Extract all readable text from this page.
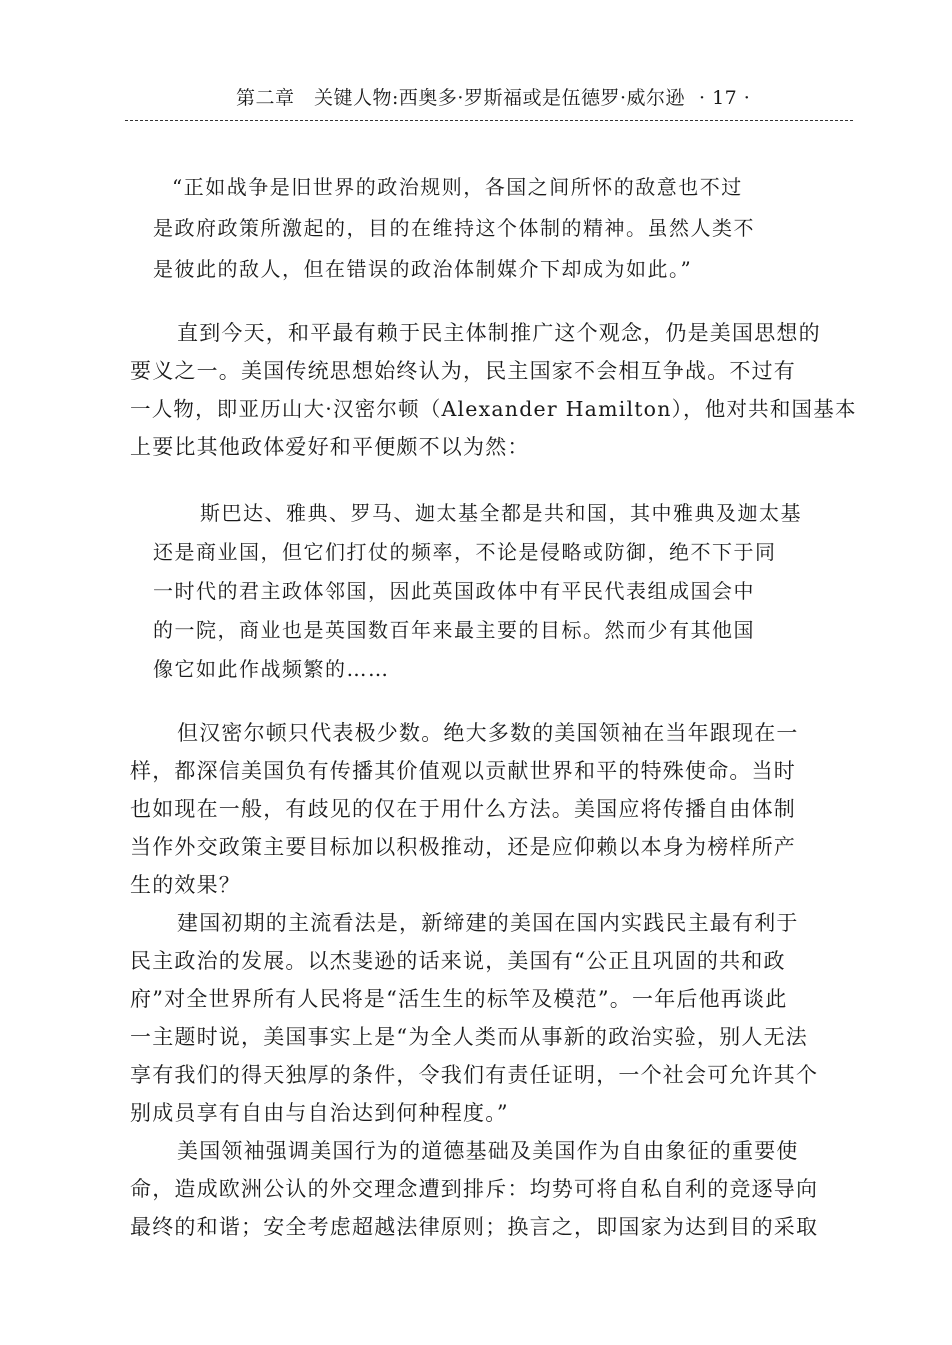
第二章　关键人物:西奥多·罗斯福或是伍德罗·威尔逊 · 17 ·
“正如战争是旧世界的政治规则，各国之间所怀的敌意也不过
是政府政策所激起的，目的在维持这个体制的精神。虽然人类不
是彼此的敌人，但在错误的政治体制媒介下却成为如此。”
直到今天，和平最有赖于民主体制推广这个观念，仍是美国思想的
要义之一。美国传统思想始终认为，民主国家不会相互争战。不过有
一人物，即亚历山大·汉密尔顿（Alexander Hamilton），他对共和国基本
上要比其他政体爱好和平便颇不以为然：
斯巴达、雅典、罗马、迦太基全都是共和国，其中雅典及迦太基
还是商业国，但它们打仗的频率，不论是侵略或防御，绝不下于同
一时代的君主政体邻国，因此英国政体中有平民代表组成国会中
的一院，商业也是英国数百年来最主要的目标。然而少有其他国
像它如此作战频繁的……
但汉密尔顿只代表极少数。绝大多数的美国领袖在当年跟现在一
样，都深信美国负有传播其价值观以贡献世界和平的特殊使命。当时
也如现在一般，有歧见的仅在于用什么方法。美国应将传播自由体制
当作外交政策主要目标加以积极推动，还是应仰赖以本身为榜样所产
生的效果？
建国初期的主流看法是，新缔建的美国在国内实践民主最有利于
民主政治的发展。以杰斐逊的话来说，美国有“公正且巩固的共和政
府”对全世界所有人民将是“活生生的标竿及模范”。一年后他再谈此
一主题时说，美国事实上是“为全人类而从事新的政治实验，别人无法
享有我们的得天独厚的条件，令我们有责任证明，一个社会可允许其个
别成员享有自由与自治达到何种程度。”
美国领袖强调美国行为的道德基础及美国作为自由象征的重要使
命，造成欧洲公认的外交理念遭到排斥：均势可将自私自利的竞逐导向
最终的和谐；安全考虑超越法律原则；换言之，即国家为达到目的采取
